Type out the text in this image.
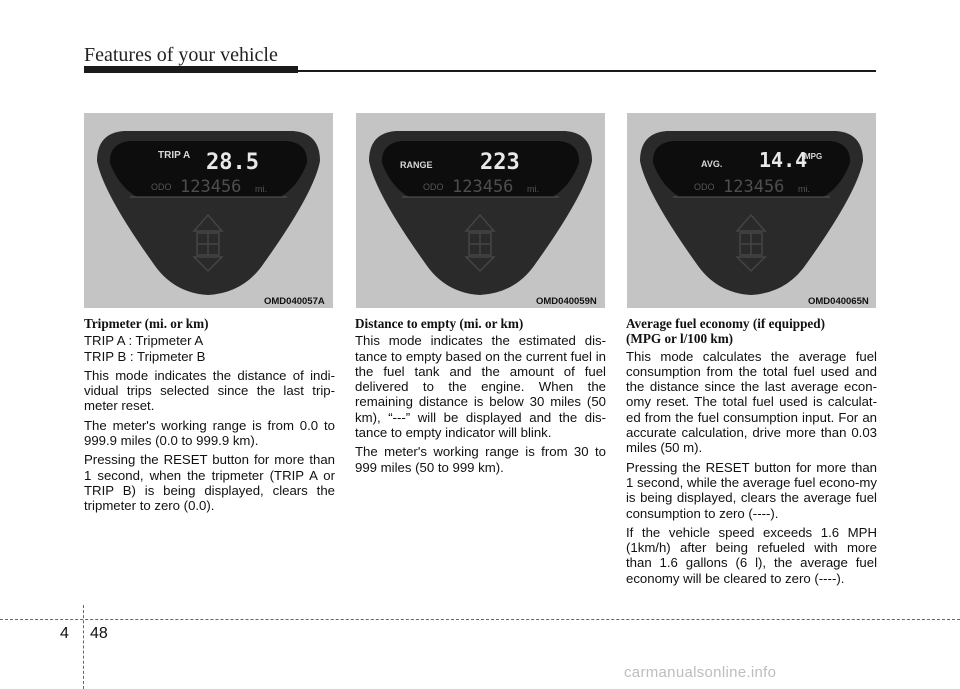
Features of your vehicle
TRIP A 28.5
ODO 123456 mi.
OMD040057A
RANGE 223
ODO 123456 mi.
OMD040059N
AVG. 14.4
MPG
ODO 123456 mi.
OMD040065N

Tripmeter (mi. or km)

TRIP A : Tripmeter A

TRIP B : Tripmeter B

This mode indicates the distance of indi-vidual trips selected since the last trip-meter reset.

The meter's working range is from 0.0 to 999.9 miles (0.0 to 999.9 km).

Pressing the RESET button for more than 1 second, when the tripmeter (TRIP A or TRIP B) is being displayed, clears the tripmeter to zero (0.0).

Distance to empty (mi. or km)

This mode indicates the estimated dis-tance to empty based on the current fuel in the fuel tank and the amount of fuel delivered to the engine. When the remaining distance is below 30 miles (50 km), “---” will be displayed and the dis-tance to empty indicator will blink.

The meter's working range is from 30 to 999 miles (50 to 999 km).

Average fuel economy (if equipped)

(MPG or l/100 km)

This mode calculates the average fuel consumption from the total fuel used and the distance since the last average econ-omy reset. The total fuel used is calculat-ed from the fuel consumption input. For an accurate calculation, drive more than 0.03 miles (50 m).

Pressing the RESET button for more than 1 second, while the average fuel econo-my is being displayed, clears the average fuel consumption to zero (----).

If the vehicle speed exceeds 1.6 MPH (1km/h) after being refueled with more than 1.6 gallons (6 l), the average fuel economy will be cleared to zero (----).

4 48
carmanualsonline.info
